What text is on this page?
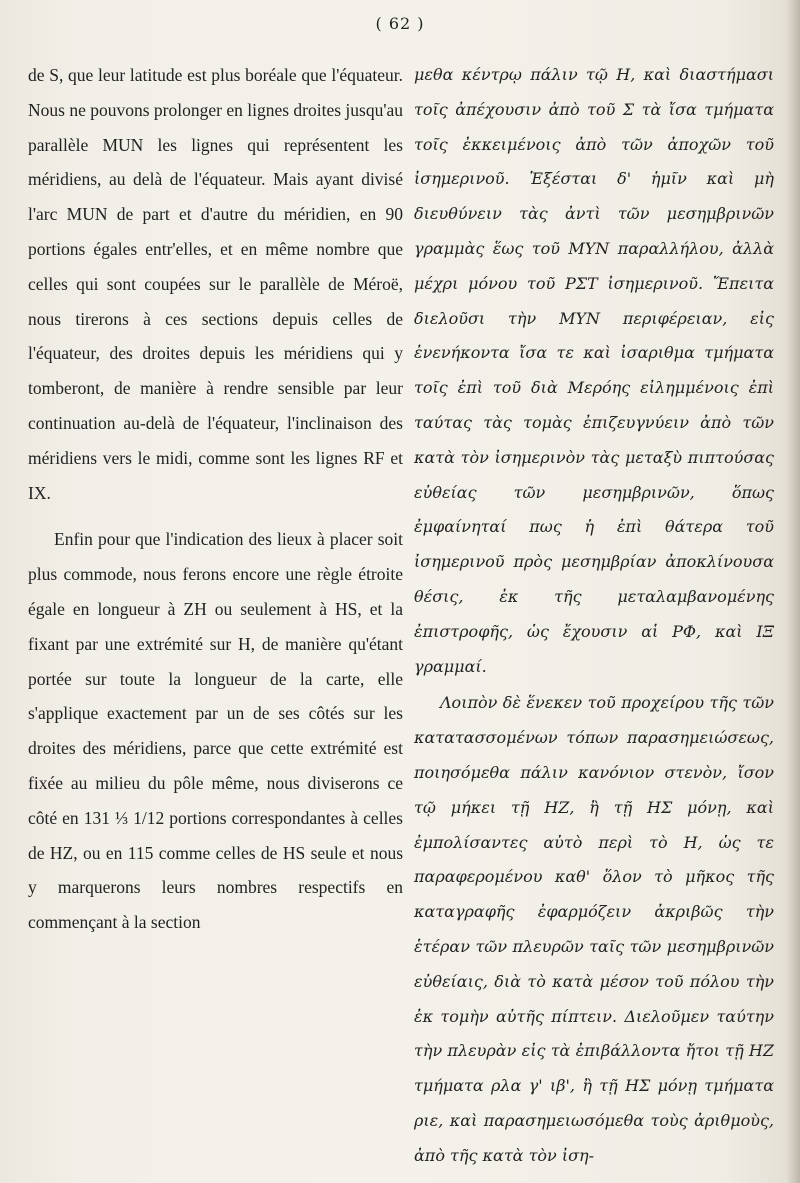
( 62 )

de S, que leur latitude est plus boréale que l'équateur. Nous ne pouvons prolonger en lignes droites jusqu'au parallèle MUN les lignes qui représentent les méridiens, au delà de l'équateur. Mais ayant divisé l'arc MUN de part et d'autre du méridien, en 90 portions égales entr'elles, et en même nombre que celles qui sont coupées sur le parallèle de Méroë, nous tirerons à ces sections depuis celles de l'équateur, des droites depuis les méridiens qui y tomberont, de manière à rendre sensible par leur continuation au-delà de l'équateur, l'inclinaison des méridiens vers le midi, comme sont les lignes RF et IX.

Enfin pour que l'indication des lieux à placer soit plus commode, nous ferons encore une règle étroite égale en longueur à ZH ou seulement à HS, et la fixant par une extrémité sur H, de manière qu'étant portée sur toute la longueur de la carte, elle s'applique exactement par un de ses côtés sur les droites des méridiens, parce que cette extrémité est fixée au milieu du pôle même, nous diviserons ce côté en 131 ⅓ 1/12 portions correspondantes à celles de HZ, ou en 115 comme celles de HS seule et nous y marquerons leurs nombres respectifs en commençant à la section

μεθα κέντρῳ πάλιν τῷ Η, καὶ διαστήμασι τοῖς ἀπέχουσιν ἀπὸ τοῦ Σ τὰ ἴσα τμήματα τοῖς ἐκκειμένοις ἀπὸ τῶν ἀποχῶν τοῦ ἰσημερινοῦ. Ἐξέσται δ' ἡμῖν καὶ μὴ διευθύνειν τὰς ἀντὶ τῶν μεσημβρινῶν γραμμὰς ἕως τοῦ ΜΥΝ παραλλήλου, ἀλλὰ μέχρι μόνου τοῦ ΡΣΤ ἰσημερινοῦ. Ἔπειτα διελοῦσι τὴν ΜΥΝ περιφέρειαν, εἰς ἐνενήκοντα ἴσα τε καὶ ἰσαριθμα τμήματα τοῖς ἐπὶ τοῦ διὰ Μερόης εἰλημμένοις ἐπὶ ταύτας τὰς τομὰς ἐπιζευγνύειν ἀπὸ τῶν κατὰ τὸν ἰσημερινὸν τὰς μεταξὺ πιπτούσας εὐθείας τῶν μεσημβρινῶν, ὅπως ἐμφαίνηταί πως ἡ ἐπὶ θάτερα τοῦ ἰσημερινοῦ πρὸς μεσημβρίαν ἀποκλίνουσα θέσις, ἐκ τῆς μεταλαμβανομένης ἐπιστροφῆς, ὡς ἔχουσιν αἱ ΡΦ, καὶ ΙΞ γραμμαί.

Λοιπὸν δὲ ἕνεκεν τοῦ προχείρου τῆς τῶν κατατασσομένων τόπων παρασημειώσεως, ποιησόμεθα πάλιν κανόνιον στενὸν, ἴσον τῷ μήκει τῇ ΗΖ, ἢ τῇ ΗΣ μόνῃ, καὶ ἐμπολίσαντες αὐτὸ περὶ τὸ Η, ὡς τε παραφερομένου καθ' ὅλον τὸ μῆκος τῆς καταγραφῆς ἐφαρμόζειν ἀκριβῶς τὴν ἑτέραν τῶν πλευρῶν ταῖς τῶν μεσημβρινῶν εὐθείαις, διὰ τὸ κατὰ μέσον τοῦ πόλου τὴν ἐκ τομὴν αὐτῆς πίπτειν. Διελοῦμεν ταύτην τὴν πλευρὰν εἰς τὰ ἐπιβάλλοντα ἤτοι τῇ ΗΖ τμήματα ρλα γ' ιβ', ἢ τῇ ΗΣ μόνῃ τμήματα ριε, καὶ παρασημειωσόμεθα τοὺς ἀριθμοὺς, ἀπὸ τῆς κατὰ τὸν ἰση-
